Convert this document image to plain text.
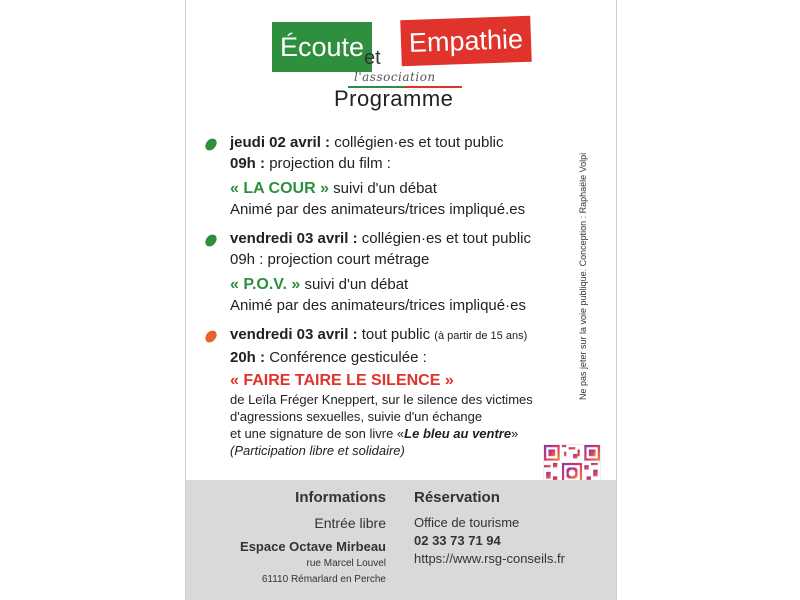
Écoute	Empathie
et
l'association
Programme
jeudi 02 avril : collégien·es et tout public
09h : projection du film :
« LA COUR » suivi d'un débat
Animé par des animateurs/trices impliqué.es
vendredi 03 avril : collégien·es et tout public
09h : projection court métrage
« P.O.V. » suivi d'un débat
Animé par des animateurs/trices impliqué·es
vendredi 03 avril : tout public (à partir de 15 ans)
20h : Conférence gesticulée :
« FAIRE TAIRE LE SILENCE »
de Leïla Fréger Kneppert, sur le silence des victimes
d'agressions sexuelles, suivie d'un échange
et une signature de son livre «Le bleu au ventre»
(Participation libre et solidaire)
Ne pas jeter sur la voie publique. Conception : Raphaële Volpi
Informations
Entrée libre
Espace Octave Mirbeau
rue Marcel Louvel
61110 Rémarlard en Perche
Réservation
Office de tourisme
02 33 73 71 94
https://www.rsg-conseils.fr
